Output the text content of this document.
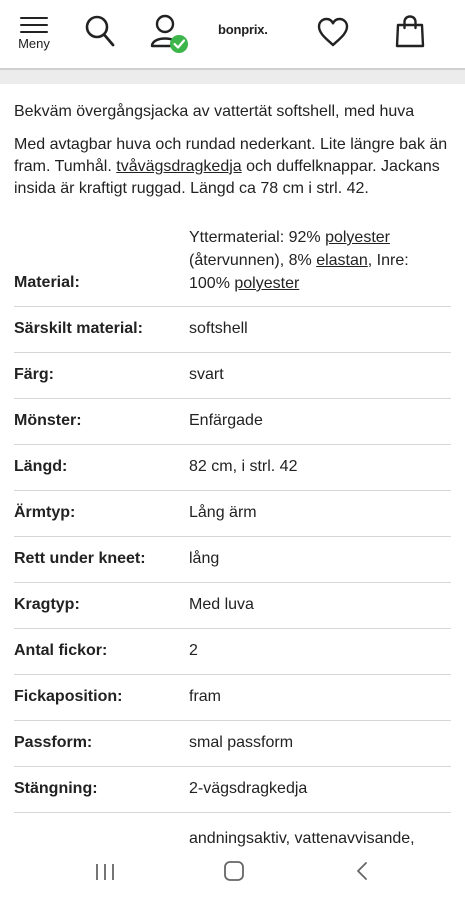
Meny
bonprix.

Bekväm övergångsjacka av vattertät softshell, med huva

Med avtagbar huva och rundad nederkant. Lite längre bak än fram. Tumhål. tvåvägsdragkedja och duffelknappar. Jackans insida är kraftigt ruggad. Längd ca 78 cm i strl. 42.

Material:
Yttermaterial: 92% polyester (återvunnen), 8% elastan, Inre: 100% polyester
Särskilt material:	softshell
Färg:	svart
Mönster:	Enfärgade
Längd:	82 cm, i strl. 42
Ärmtyp:	Lång ärm
Rett under kneet:	lång
Kragtyp:	Med luva
Antal fickor:	2
Fickaposition:	fram
Passform:	smal passform
Stängning:	2-vägsdragkedja
andningsaktiv, vattenavvisande,
